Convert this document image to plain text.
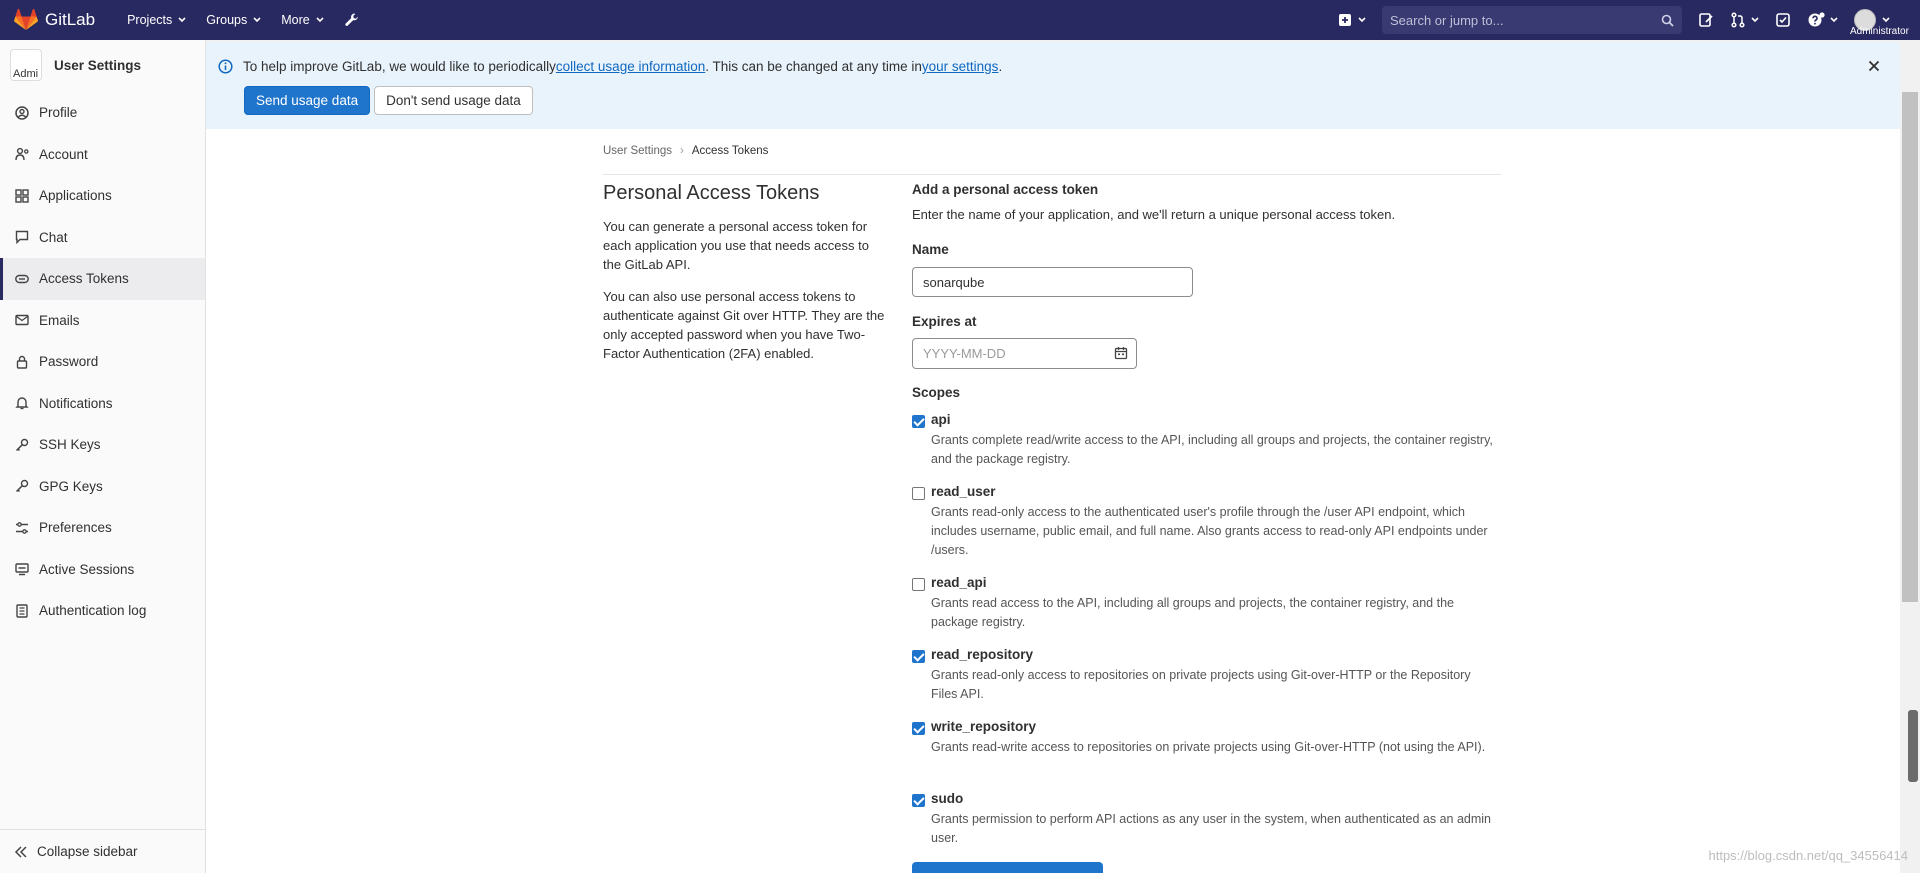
GitLab	Projects	Groups	More	Search or jump to...
Administrator
Admi
User Settings
Profile
Account
Applications
Chat
Access Tokens
Emails
Password
Notifications
SSH Keys
GPG Keys
Preferences
Active Sessions
Authentication log
Collapse sidebar
To help improve GitLab, we would like to periodically collect usage information . This can be changed at any time in your settings .
Send usage data	Don't send usage data
User Settings › Access Tokens
Personal Access Tokens

You can generate a personal access token for each application you use that needs access to the GitLab API.

You can also use personal access tokens to authenticate against Git over HTTP. They are the only accepted password when you have Two-Factor Authentication (2FA) enabled.

Add a personal access token
Enter the name of your application, and we'll return a unique personal access token.
Name
sonarqube
Expires at
YYYY-MM-DD
Scopes
api
Grants complete read/write access to the API, including all groups and projects, the container registry, and the package registry.
read_user
Grants read-only access to the authenticated user's profile through the /user API endpoint, which includes username, public email, and full name. Also grants access to read-only API endpoints under /users.
read_api
Grants read access to the API, including all groups and projects, the container registry, and the package registry.
read_repository
Grants read-only access to repositories on private projects using Git-over-HTTP or the Repository Files API.
write_repository
Grants read-write access to repositories on private projects using Git-over-HTTP (not using the API).
sudo
Grants permission to perform API actions as any user in the system, when authenticated as an admin user.
https://blog.csdn.net/qq_34556414
